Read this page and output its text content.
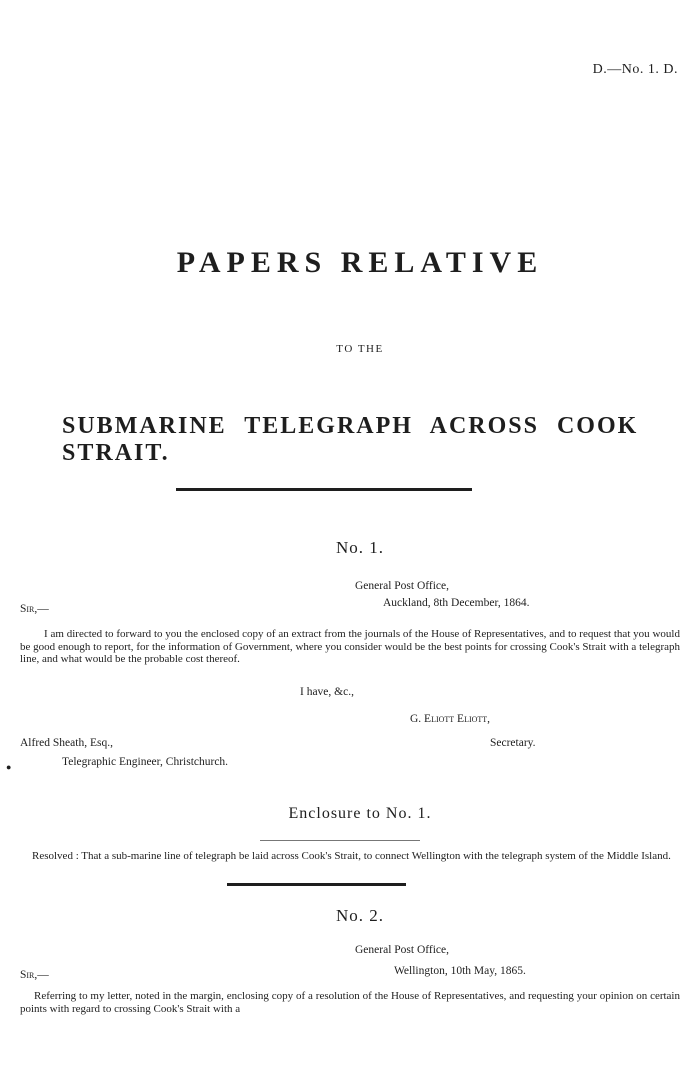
D.—No. 1. D.
PAPERS RELATIVE
TO THE
SUBMARINE TELEGRAPH ACROSS COOK STRAIT.
No. 1.
General Post Office,
Auckland, 8th December, 1864.
Sir,—

I am directed to forward to you the enclosed copy of an extract from the journals of the House of Representatives, and to request that you would be good enough to report, for the information of Government, where you consider would be the best points for crossing Cook's Strait with a telegraph line, and what would be the probable cost thereof.

I have, &c.,
G. Eliott Eliott,
Secretary.
●
Alfred Sheath, Esq.,
Telegraphic Engineer, Christchurch.
Enclosure to No. 1.

Resolved : That a sub-marine line of telegraph be laid across Cook's Strait, to connect Wellington with the telegraph system of the Middle Island.

No. 2.
General Post Office,
Wellington, 10th May, 1865.
Sir,—

Referring to my letter, noted in the margin, enclosing copy of a resolution of the House of Representatives, and requesting your opinion on certain points with regard to crossing Cook's Strait with a
